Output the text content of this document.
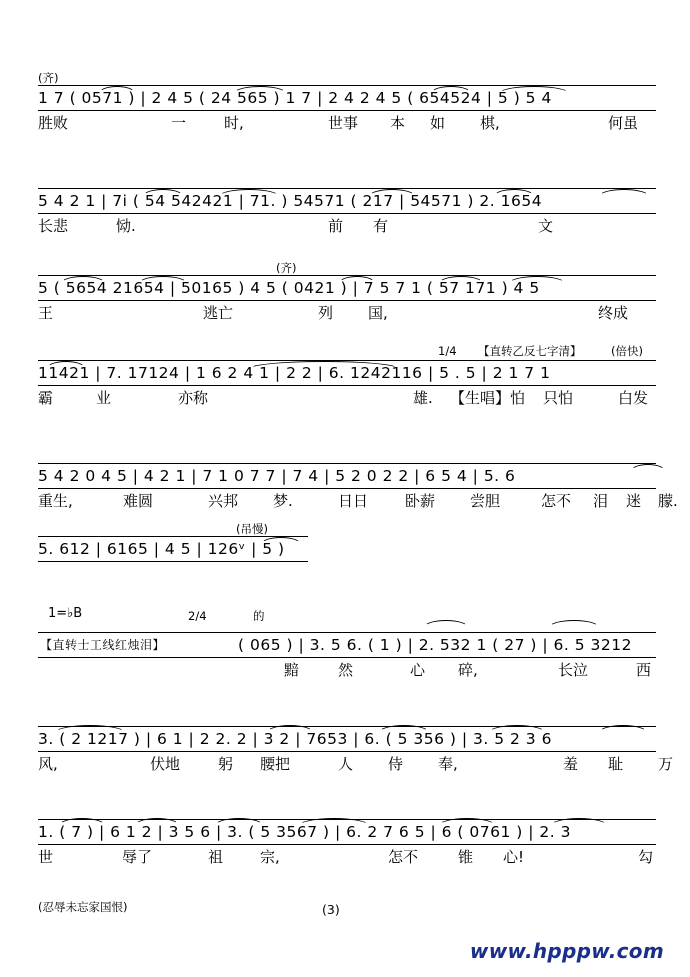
(齐)
1 7 ( 0571 ) | 2 4 5 ( 24 565 ) 1 7 | 2 4 2 4 5 ( 654524 | 5 ) 5 4
胜败	一	时,	世事 本 如 棋,	何虽
5 4 2 1 | 7i ( 54 542421 | 71. ) 54571 ( 217 | 54571 ) 2. 1654
长悲	恸.	前 有	文
(齐)
5 ( 5654 21654 | 50165 ) 4 5 ( 0421 ) | 7 5 7 1 ( 57 171 ) 4 5
王	逃亡	列 国,	终成
1/4 【直转乙反七字清】	(倍快)
11421 | 7. 17124 | 1 6 2 4 1 | 2 2 | 6. 1242116 | 5 . 5 | 2 1 7 1
霸	业	亦称	雄. 【生唱】怕 只怕	白发
5 4 2 0 4 5 | 4 2 1 | 7 1 0 7 7 | 7 4 | 5 2 0 2 2 | 6 5 4 | 5. 6
重生,	难圆	兴邦 梦.	日日 卧薪 尝胆	怎不 泪 迷 朦.
(吊慢)
5. 612 | 6165 | 4 5 | 126ᵛ | 5 )
1=♭B	2/4	的
( 065 ) | 3. 5 6. ( 1 ) | 2. 532 1 ( 27 ) | 6. 5 3212
【直转士工线红烛泪】
黯	然	心 碎,	长泣	西
3. ( 2 1217 ) | 6 1 | 2 2. 2 | 3 2 | 7653 | 6. ( 5 356 ) | 3. 5 2 3 6
风,	伏地	躬 腰把	人 侍 奉,	羞 耻 万
1. ( 7 ) | 6 1 2 | 3 5 6 | 3. ( 5 3567 ) | 6. 2 7 6 5 | 6 ( 0761 ) | 2. 3
世	辱了	祖 宗,	怎不	锥 心!	勾
(忍辱未忘家国恨)	(3)
www.hpppw.com
